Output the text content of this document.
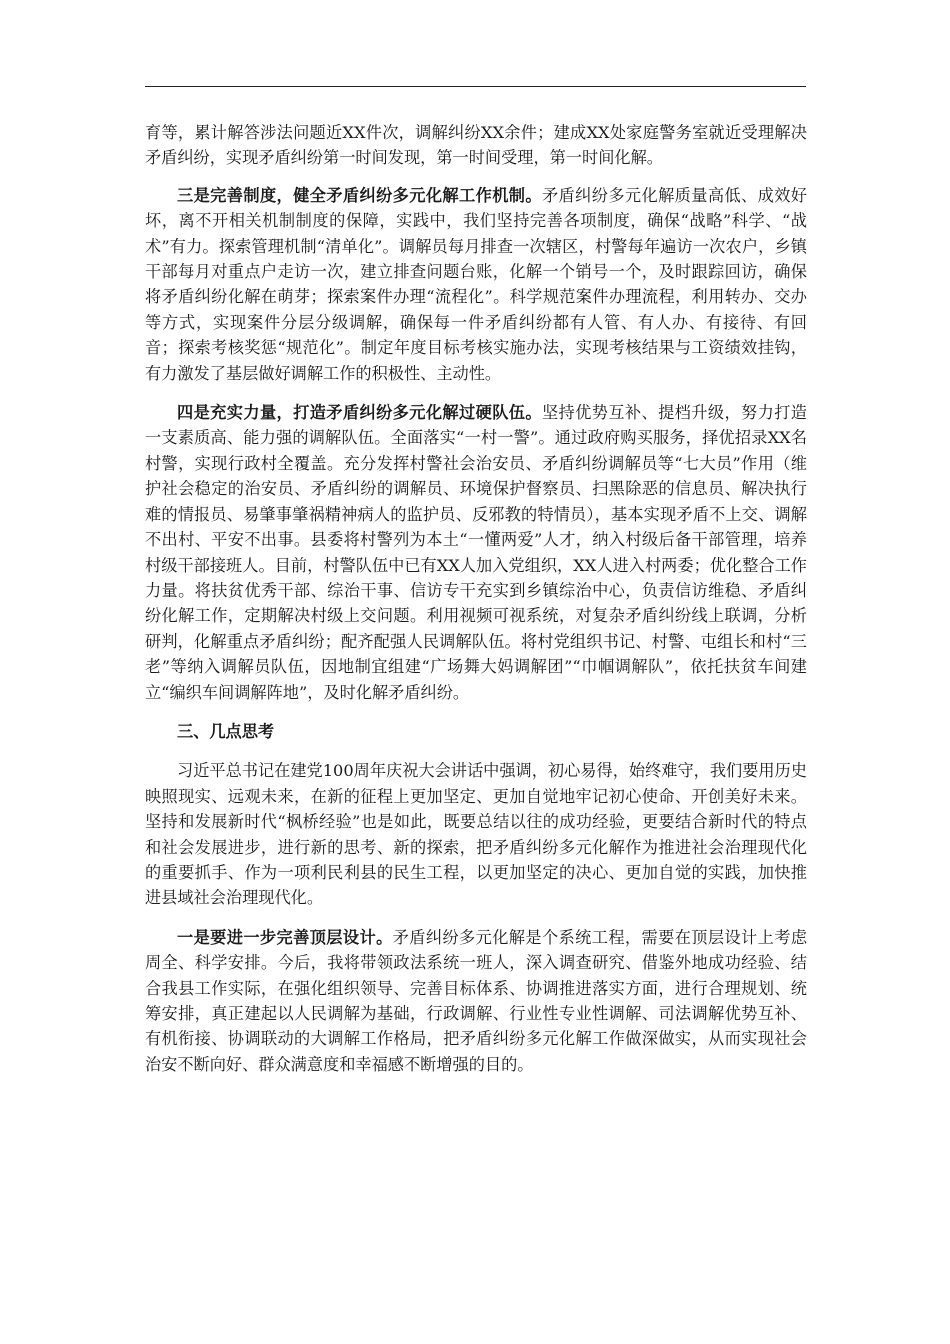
育等，累计解答涉法问题近XX件次，调解纠纷XX余件；建成XX处家庭警务室就近受理解决矛盾纠纷，实现矛盾纠纷第一时间发现，第一时间受理，第一时间化解。

三是完善制度，健全矛盾纠纷多元化解工作机制。矛盾纠纷多元化解质量高低、成效好坏，离不开相关机制制度的保障，实践中，我们坚持完善各项制度，确保“战略”科学、“战术”有力。探索管理机制“清单化”。调解员每月排查一次辖区，村警每年遍访一次农户，乡镇干部每月对重点户走访一次，建立排查问题台账，化解一个销号一个，及时跟踪回访，确保将矛盾纠纷化解在萌芽；探索案件办理“流程化”。科学规范案件办理流程，利用转办、交办等方式，实现案件分层分级调解，确保每一件矛盾纠纷都有人管、有人办、有接待、有回音；探索考核奖惩“规范化”。制定年度目标考核实施办法，实现考核结果与工资绩效挂钩，有力激发了基层做好调解工作的积极性、主动性。

四是充实力量，打造矛盾纠纷多元化解过硬队伍。坚持优势互补、提档升级，努力打造一支素质高、能力强的调解队伍。全面落实“一村一警”。通过政府购买服务，择优招录XX名村警，实现行政村全覆盖。充分发挥村警社会治安员、矛盾纠纷调解员等“七大员”作用（维护社会稳定的治安员、矛盾纠纷的调解员、环境保护督察员、扫黑除恶的信息员、解决执行难的情报员、易肇事肇祸精神病人的监护员、反邪教的特情员），基本实现矛盾不上交、调解不出村、平安不出事。县委将村警列为本土“一懂两爱”人才，纳入村级后备干部管理，培养村级干部接班人。目前，村警队伍中已有XX人加入党组织，XX人进入村两委；优化整合工作力量。将扶贫优秀干部、综治干事、信访专干充实到乡镇综治中心，负责信访维稳、矛盾纠纷化解工作，定期解决村级上交问题。利用视频可视系统，对复杂矛盾纠纷线上联调，分析研判，化解重点矛盾纠纷；配齐配强人民调解队伍。将村党组织书记、村警、屯组长和村“三老”等纳入调解员队伍，因地制宜组建“广场舞大妈调解团”“巾帼调解队”，依托扶贫车间建立“编织车间调解阵地”，及时化解矛盾纠纷。

三、几点思考

习近平总书记在建党100周年庆祝大会讲话中强调，初心易得，始终难守，我们要用历史映照现实、远观未来，在新的征程上更加坚定、更加自觉地牢记初心使命、开创美好未来。坚持和发展新时代“枫桥经验”也是如此，既要总结以往的成功经验，更要结合新时代的特点和社会发展进步，进行新的思考、新的探索，把矛盾纠纷多元化解作为推进社会治理现代化的重要抓手、作为一项利民利县的民生工程，以更加坚定的决心、更加自觉的实践，加快推进县域社会治理现代化。

一是要进一步完善顶层设计。矛盾纠纷多元化解是个系统工程，需要在顶层设计上考虑周全、科学安排。今后，我将带领政法系统一班人，深入调查研究、借鉴外地成功经验、结合我县工作实际，在强化组织领导、完善目标体系、协调推进落实方面，进行合理规划、统筹安排，真正建起以人民调解为基础，行政调解、行业性专业性调解、司法调解优势互补、有机衔接、协调联动的大调解工作格局，把矛盾纠纷多元化解工作做深做实，从而实现社会治安不断向好、群众满意度和幸福感不断增强的目的。
